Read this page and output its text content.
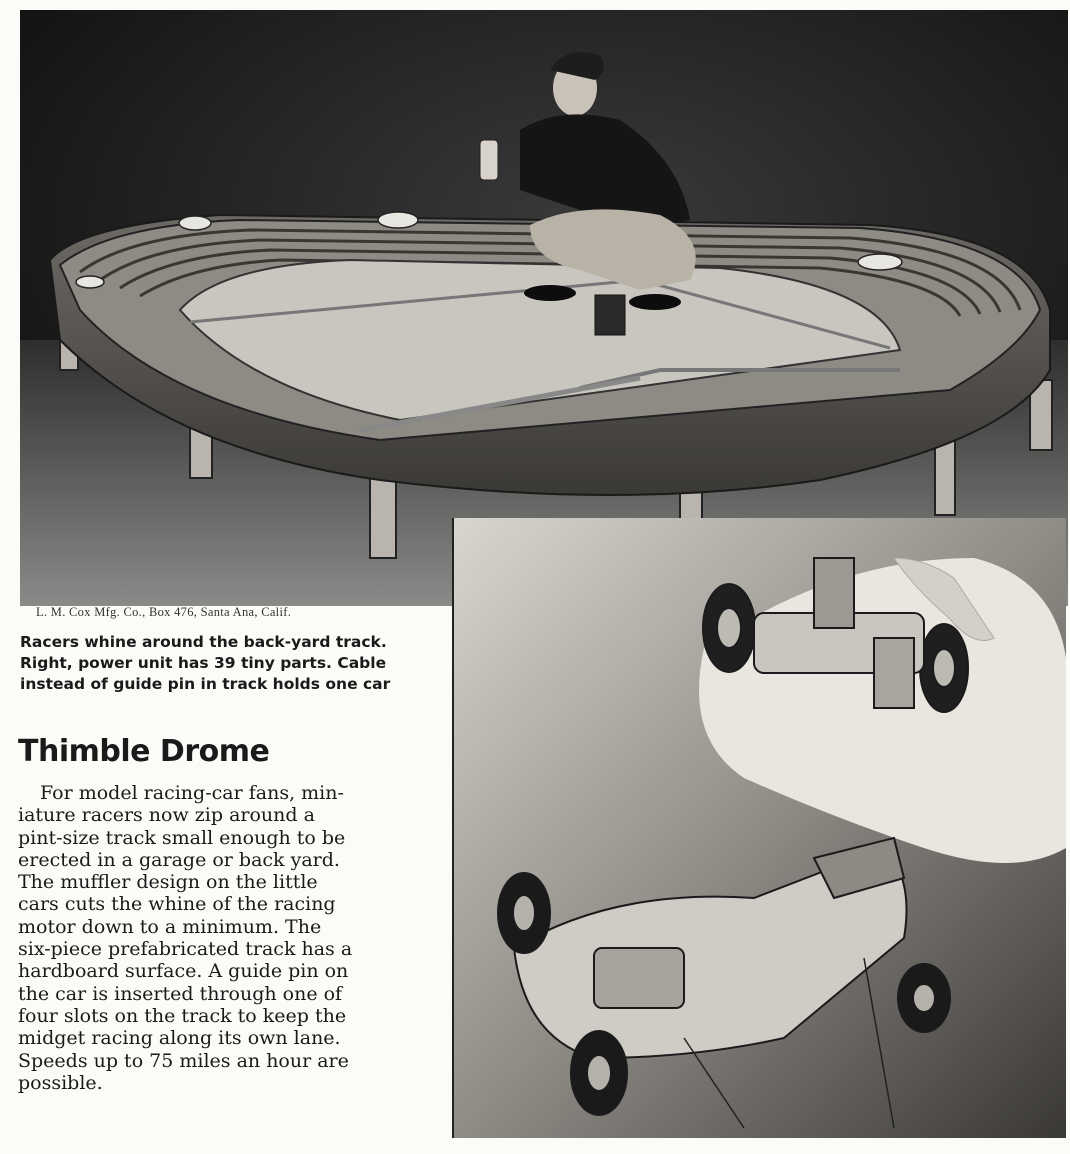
L. M. Cox Mfg. Co., Box 476, Santa Ana, Calif.
Racers whine around the back-yard track.
Right, power unit has 39 tiny parts. Cable
instead of guide pin in track holds one car
Thimble Drome
For model racing-car fans, min-
iature racers now zip around a
pint-size track small enough to be
erected in a garage or back yard.
The muffler design on the little
cars cuts the whine of the racing
motor down to a minimum. The
six-piece prefabricated track has a
hardboard surface. A guide pin on
the car is inserted through one of
four slots on the track to keep the
midget racing along its own lane.
Speeds up to 75 miles an hour are
possible.
